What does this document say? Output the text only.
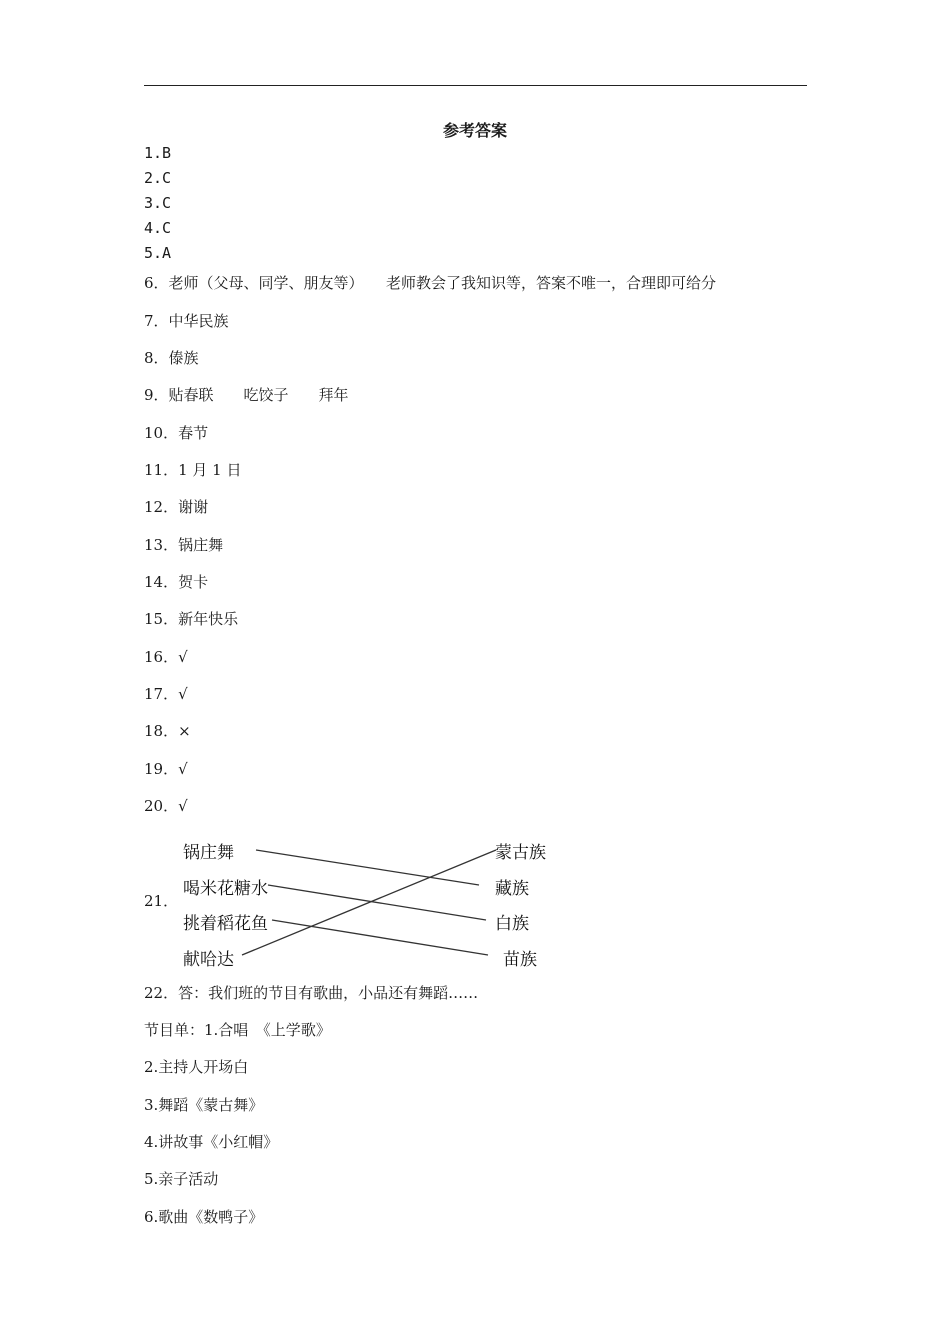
参考答案
1.B
2.C
3.C
4.C
5.A
6．老师（父母、同学、朋友等）　　老师教会了我知识等，答案不唯一，合理即可给分
7．中华民族
8．傣族
9．贴春联　　吃饺子　　拜年
10．春节
11．1 月 1 日
12．谢谢
13．锅庄舞
14．贺卡
15．新年快乐
16．√
17．√
18．×
19．√
20．√
21．
锅庄舞
喝米花糖水
挑着稻花鱼
献哈达
蒙古族
藏族
白族
苗族
22．答：我们班的节目有歌曲，小品还有舞蹈……
节目单：1.合唱　《上学歌》
2.主持人开场白
3.舞蹈《蒙古舞》
4.讲故事《小红帽》
5.亲子活动
6.歌曲《数鸭子》
